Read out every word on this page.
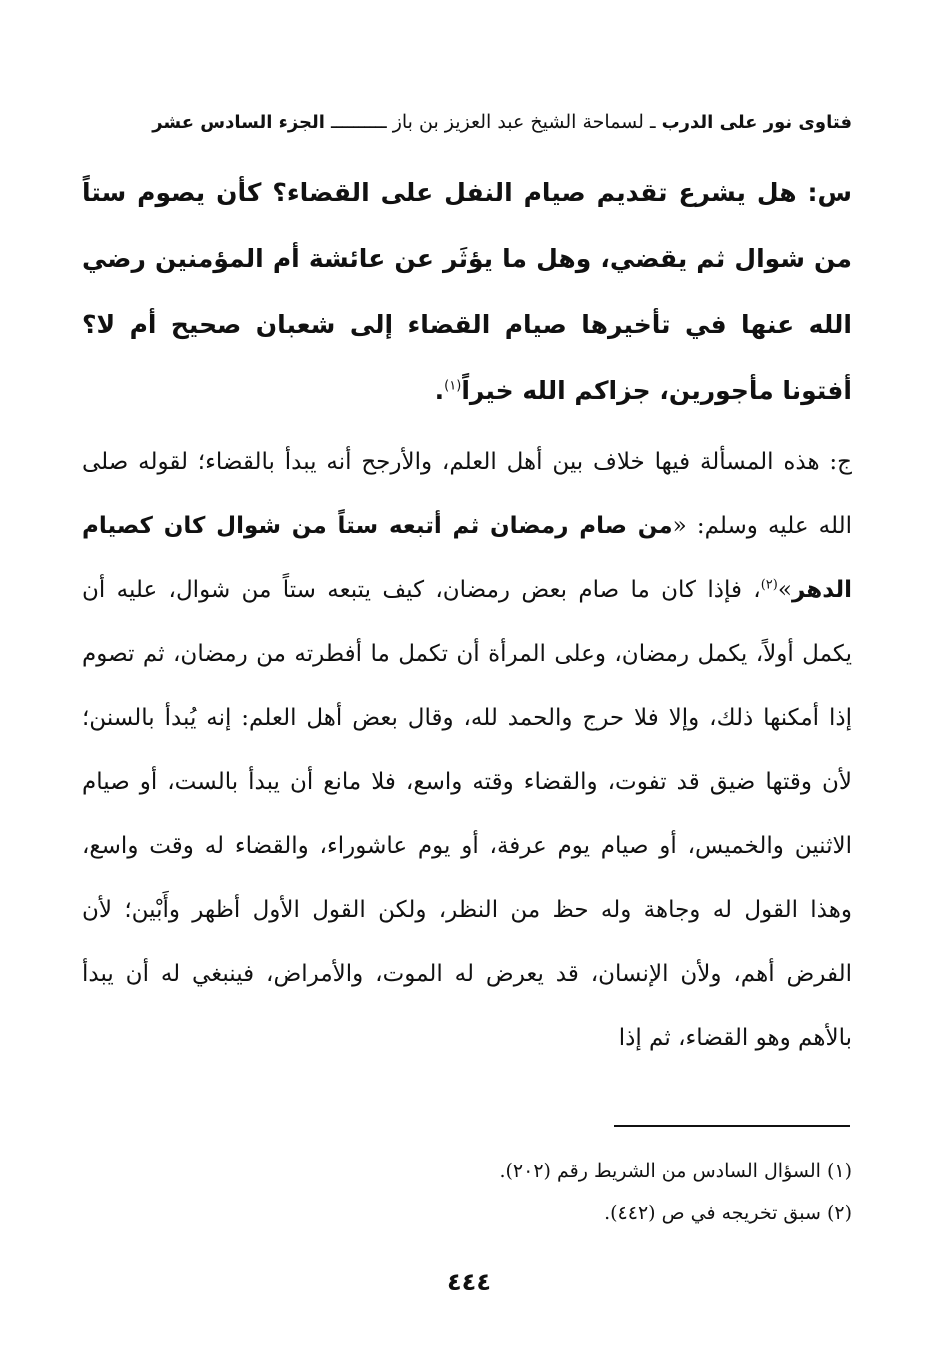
فتاوى نور على الدرب ـ لسماحة الشيخ عبد العزيز بن باز ــــــــــ الجزء السادس عشر
س: هل يشرع تقديم صيام النفل على القضاء؟ كأن يصوم ستاً من شوال ثم يقضي، وهل ما يؤثَر عن عائشة أم المؤمنين رضي الله عنها في تأخيرها صيام القضاء إلى شعبان صحيح أم لا؟ أفتونا مأجورين، جزاكم الله خيراً$^{(١)}$.
ج: هذه المسألة فيها خلاف بين أهل العلم، والأرجح أنه يبدأ بالقضاء؛ لقوله صلى الله عليه وسلم: «من صام رمضان ثم أتبعه ستاً من شوال كان كصيام الدهر»$^{(٢)}$، فإذا كان ما صام بعض رمضان، كيف يتبعه ستاً من شوال، عليه أن يكمل أولاً، يكمل رمضان، وعلى المرأة أن تكمل ما أفطرته من رمضان، ثم تصوم إذا أمكنها ذلك، وإلا فلا حرج والحمد لله، وقال بعض أهل العلم: إنه يُبدأ بالسنن؛ لأن وقتها ضيق قد تفوت، والقضاء وقته واسع، فلا مانع أن يبدأ بالست، أو صيام الاثنين والخميس، أو صيام يوم عرفة، أو يوم عاشوراء، والقضاء له وقت واسع، وهذا القول له وجاهة وله حظ من النظر، ولكن القول الأول أظهر وأَبْين؛ لأن الفرض أهم، ولأن الإنسان، قد يعرض له الموت، والأمراض، فينبغي له أن يبدأ بالأهم وهو القضاء، ثم إذا
(١) السؤال السادس من الشريط رقم (٢٠٢).
(٢) سبق تخريجه في ص (٤٤٢).
٤٤٤
